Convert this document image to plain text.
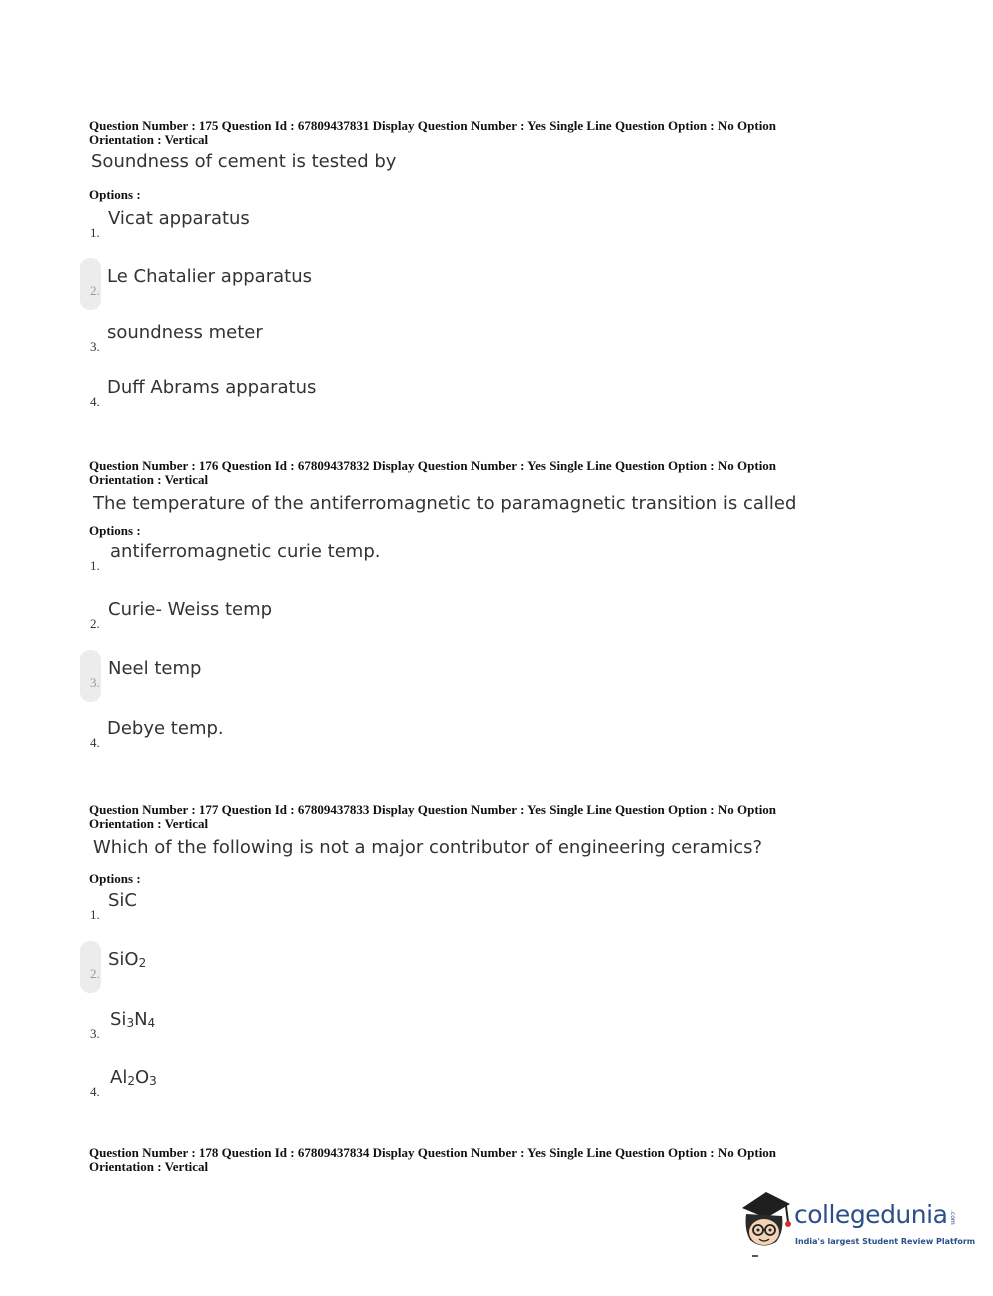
Question Number : 175 Question Id : 67809437831 Display Question Number : Yes Single Line Question Option : No Option
Orientation : Vertical
Soundness of cement is tested by
Options :
1.
Vicat apparatus
2.
Le Chatalier apparatus
3.
soundness meter
4.
Duff Abrams apparatus
Question Number : 176 Question Id : 67809437832 Display Question Number : Yes Single Line Question Option : No Option
Orientation : Vertical
The temperature of the antiferromagnetic to paramagnetic transition is called
Options :
1.
antiferromagnetic curie temp.
2.
Curie- Weiss temp
3.
Neel temp
4.
Debye temp.
Question Number : 177 Question Id : 67809437833 Display Question Number : Yes Single Line Question Option : No Option
Orientation : Vertical
Which of the following is not a major contributor of engineering ceramics?
Options :
1.
SiC
2.
SiO$_2$
3.
$Si_3N_4$
4.
$Al_2O_3$
Question Number : 178 Question Id : 67809437834 Display Question Number : Yes Single Line Question Option : No Option
Orientation : Vertical
collegedunia .com
India's largest Student Review Platform
